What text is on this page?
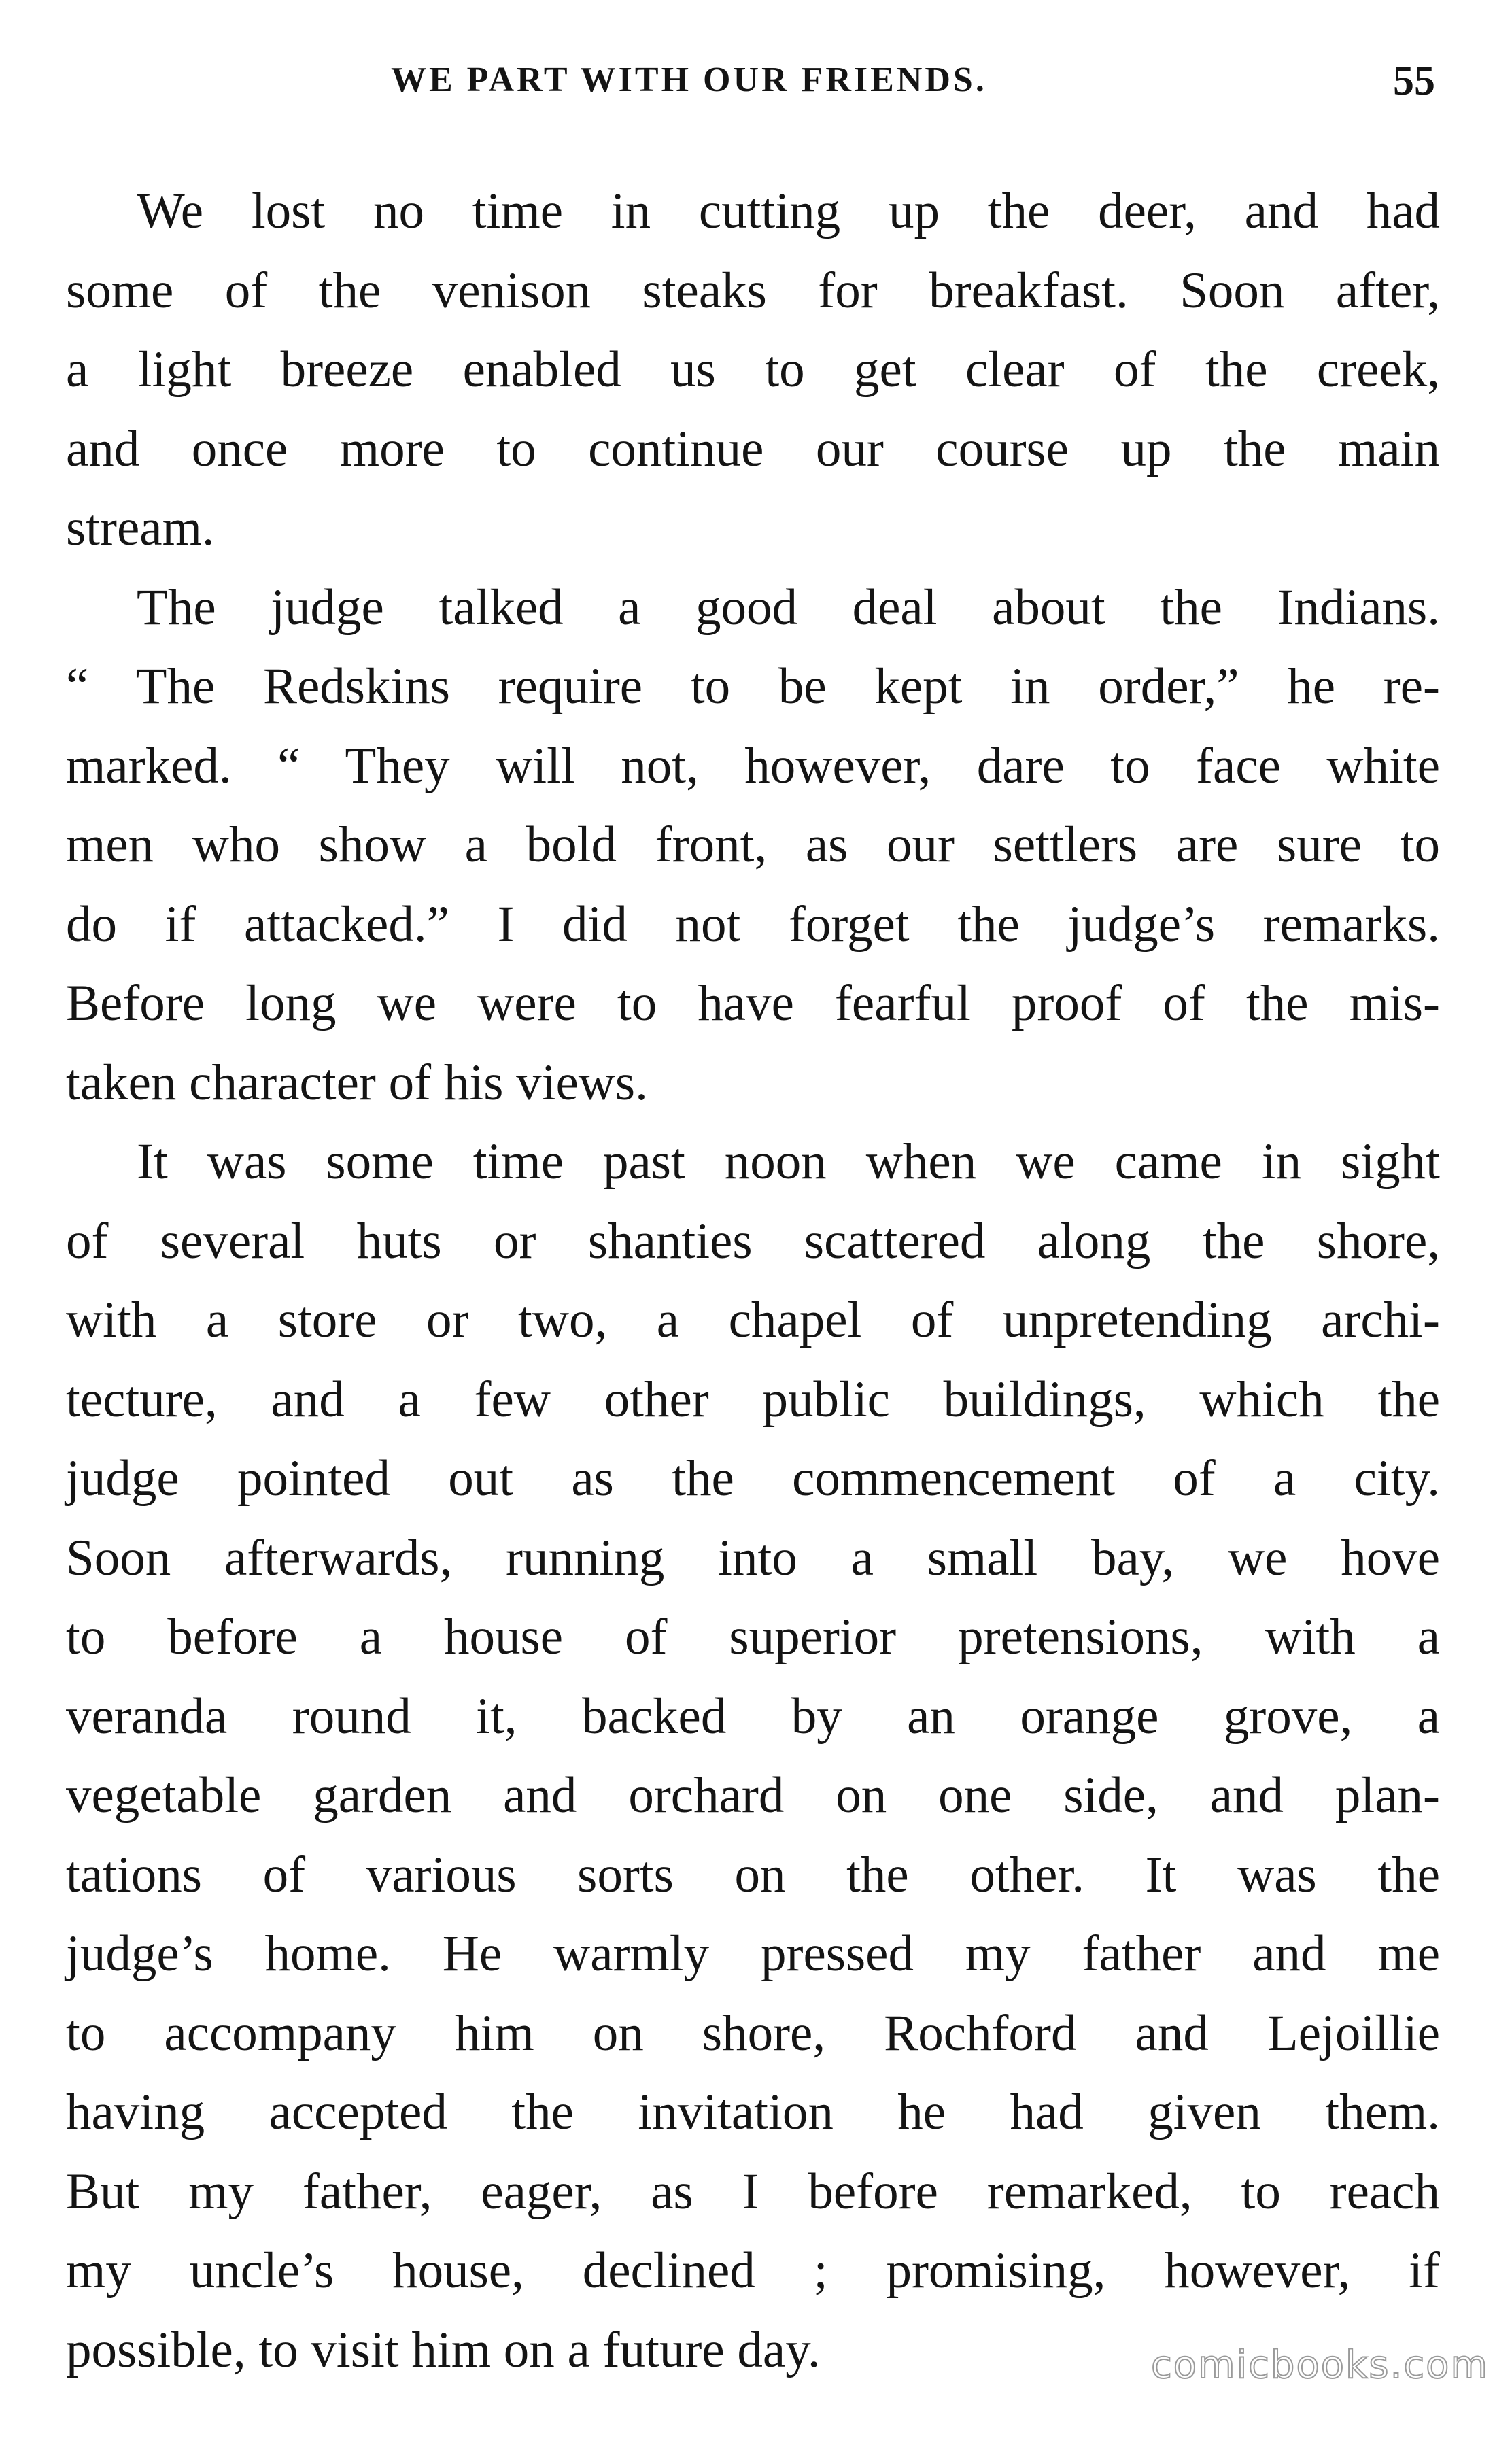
WE PART WITH OUR FRIENDS.	55
We lost no time in cutting up the deer, and had
some of the venison steaks for breakfast. Soon after,
a light breeze enabled us to get clear of the creek,
and once more to continue our course up the main
stream.
The judge talked a good deal about the Indians.
“ The Redskins require to be kept in order,” he re-
marked. “ They will not, however, dare to face white
men who show a bold front, as our settlers are sure to
do if attacked.” I did not forget the judge’s remarks.
Before long we were to have fearful proof of the mis-
taken character of his views.
It was some time past noon when we came in sight
of several huts or shanties scattered along the shore,
with a store or two, a chapel of unpretending archi-
tecture, and a few other public buildings, which the
judge pointed out as the commencement of a city.
Soon afterwards, running into a small bay, we hove
to before a house of superior pretensions, with a
veranda round it, backed by an orange grove, a
vegetable garden and orchard on one side, and plan-
tations of various sorts on the other. It was the
judge’s home. He warmly pressed my father and me
to accompany him on shore, Rochford and Lejoillie
having accepted the invitation he had given them.
But my father, eager, as I before remarked, to reach
my uncle’s house, declined ; promising, however, if
possible, to visit him on a future day.	comicbooks.com
